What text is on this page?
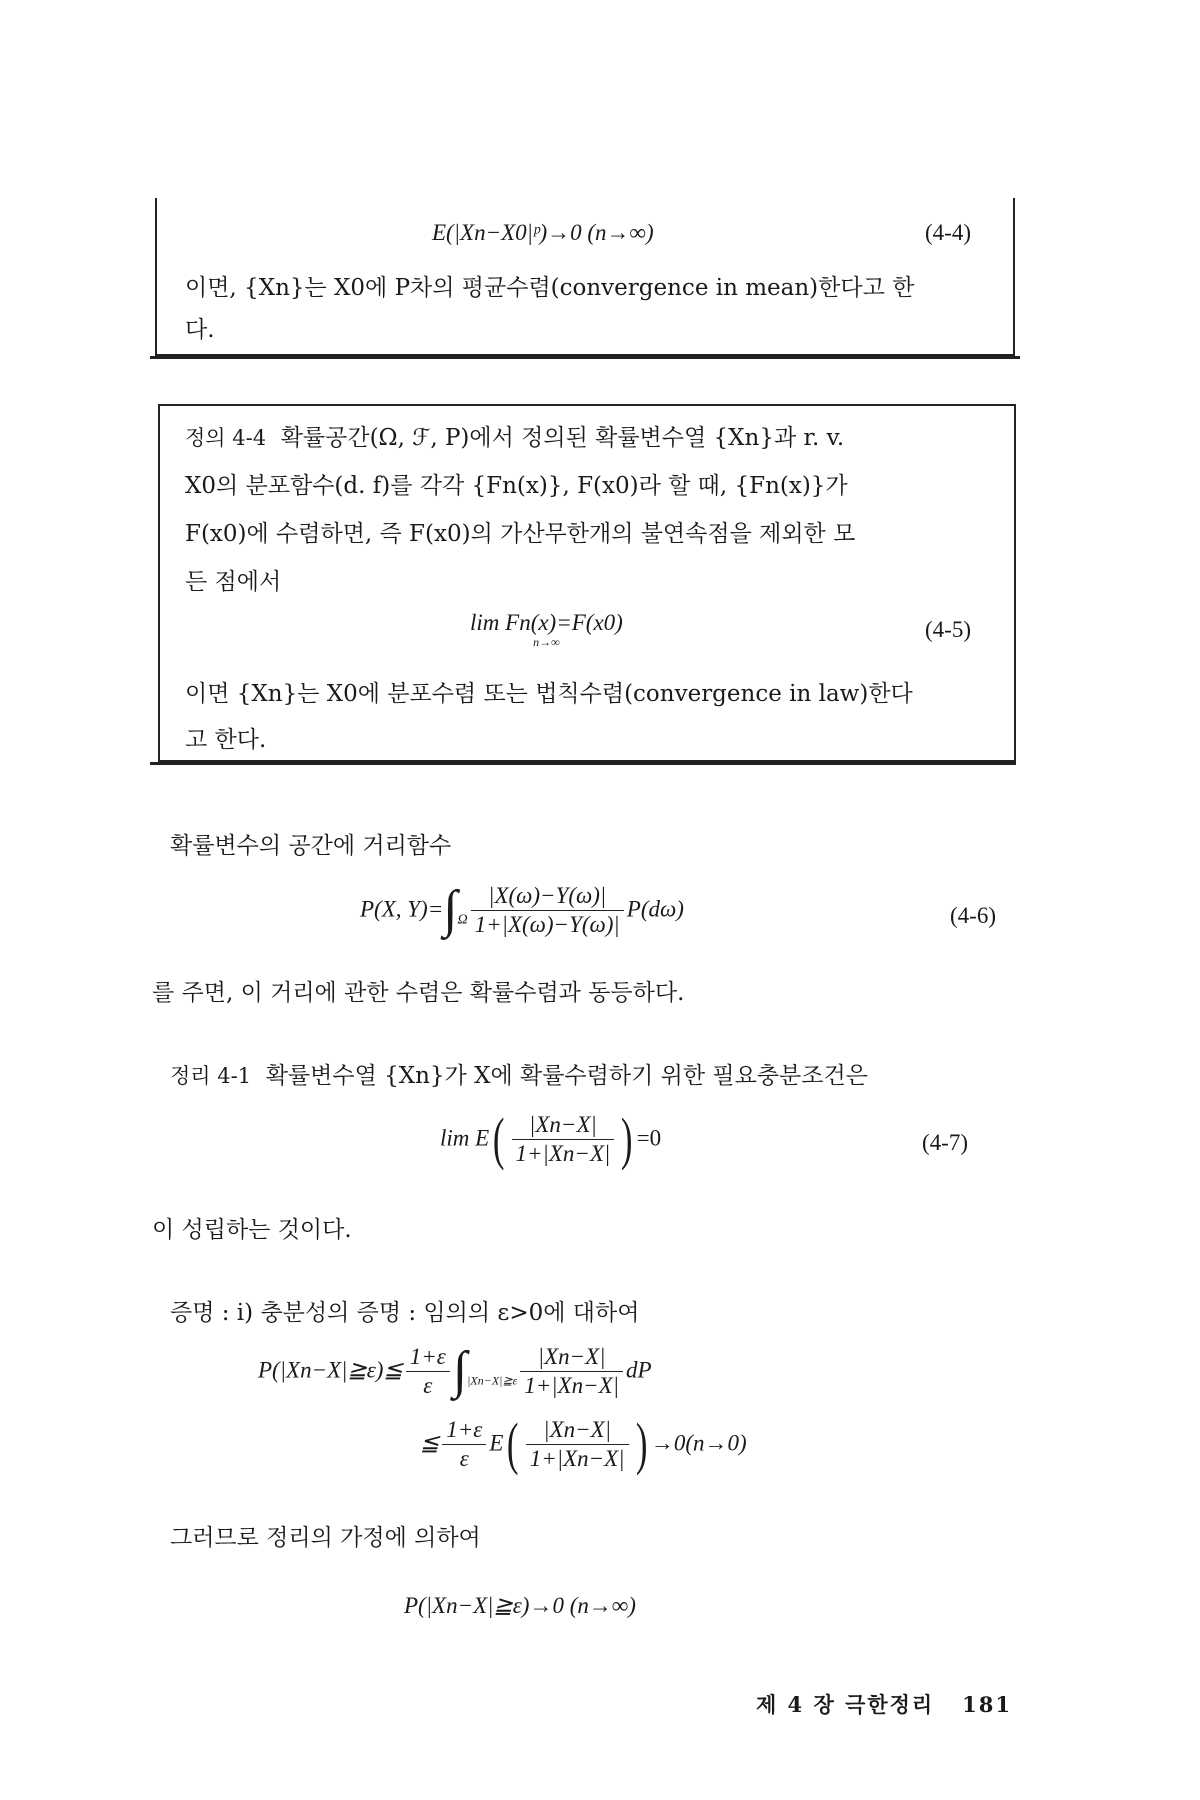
E(|Xn−X0|ᵖ)→0 (n→∞)	(4-4)
이면, {Xn}는 X0에 P차의 평균수렴(convergence in mean)한다고 한
다.
정의 4-4 확률공간(Ω, ℱ, P)에서 정의된 확률변수열 {Xn}과 r. v.
X0의 분포함수(d. f)를 각각 {Fn(x)}, F(x0)라 할 때, {Fn(x)}가
F(x0)에 수렴하면, 즉 F(x0)의 가산무한개의 불연속점을 제외한 모
든 점에서
lim Fn(x)=F(x0)
n→∞
(4-5)
이면 {Xn}는 X0에 분포수렴 또는 법칙수렴(convergence in law)한다
고 한다.
확률변수의 공간에 거리함수
P(X, $Y)=\int_\Omega \frac{|X(\omega)-Y(\omega)|}{1+|X(\omega)-Y(\omega)|} P(d\omega)$	(4-6)
를 주면, 이 거리에 관한 수렴은 확률수렴과 동등하다.
정리 4-1 확률변수열 {Xn}가 X에 확률수렴하기 위한 필요충분조건은
$\lim E( \frac{|Xn-X|}{1+|Xn-X|}$ ) =0	(4-7)
이 성립하는 것이다.
증명 : i) 충분성의 증명 : 임의의 ε>0에 대하여
P(|Xn−X|≧ε)≦ $\frac{1+\varepsilon}{\varepsilon} \int_{|Xn-X|≧\varepsilon} \frac{|Xn-X|}{1+|Xn-X|}$ dP
≦ $\frac{1+\varepsilon}{\varepsilon} E( \frac{|Xn-X|}{1+|Xn-X|}$ ) →0(n→0)
그러므로 정리의 가정에 의하여
P(|Xn−X|≧ε)→0 (n→∞)
제 4 장 극한정리 181
